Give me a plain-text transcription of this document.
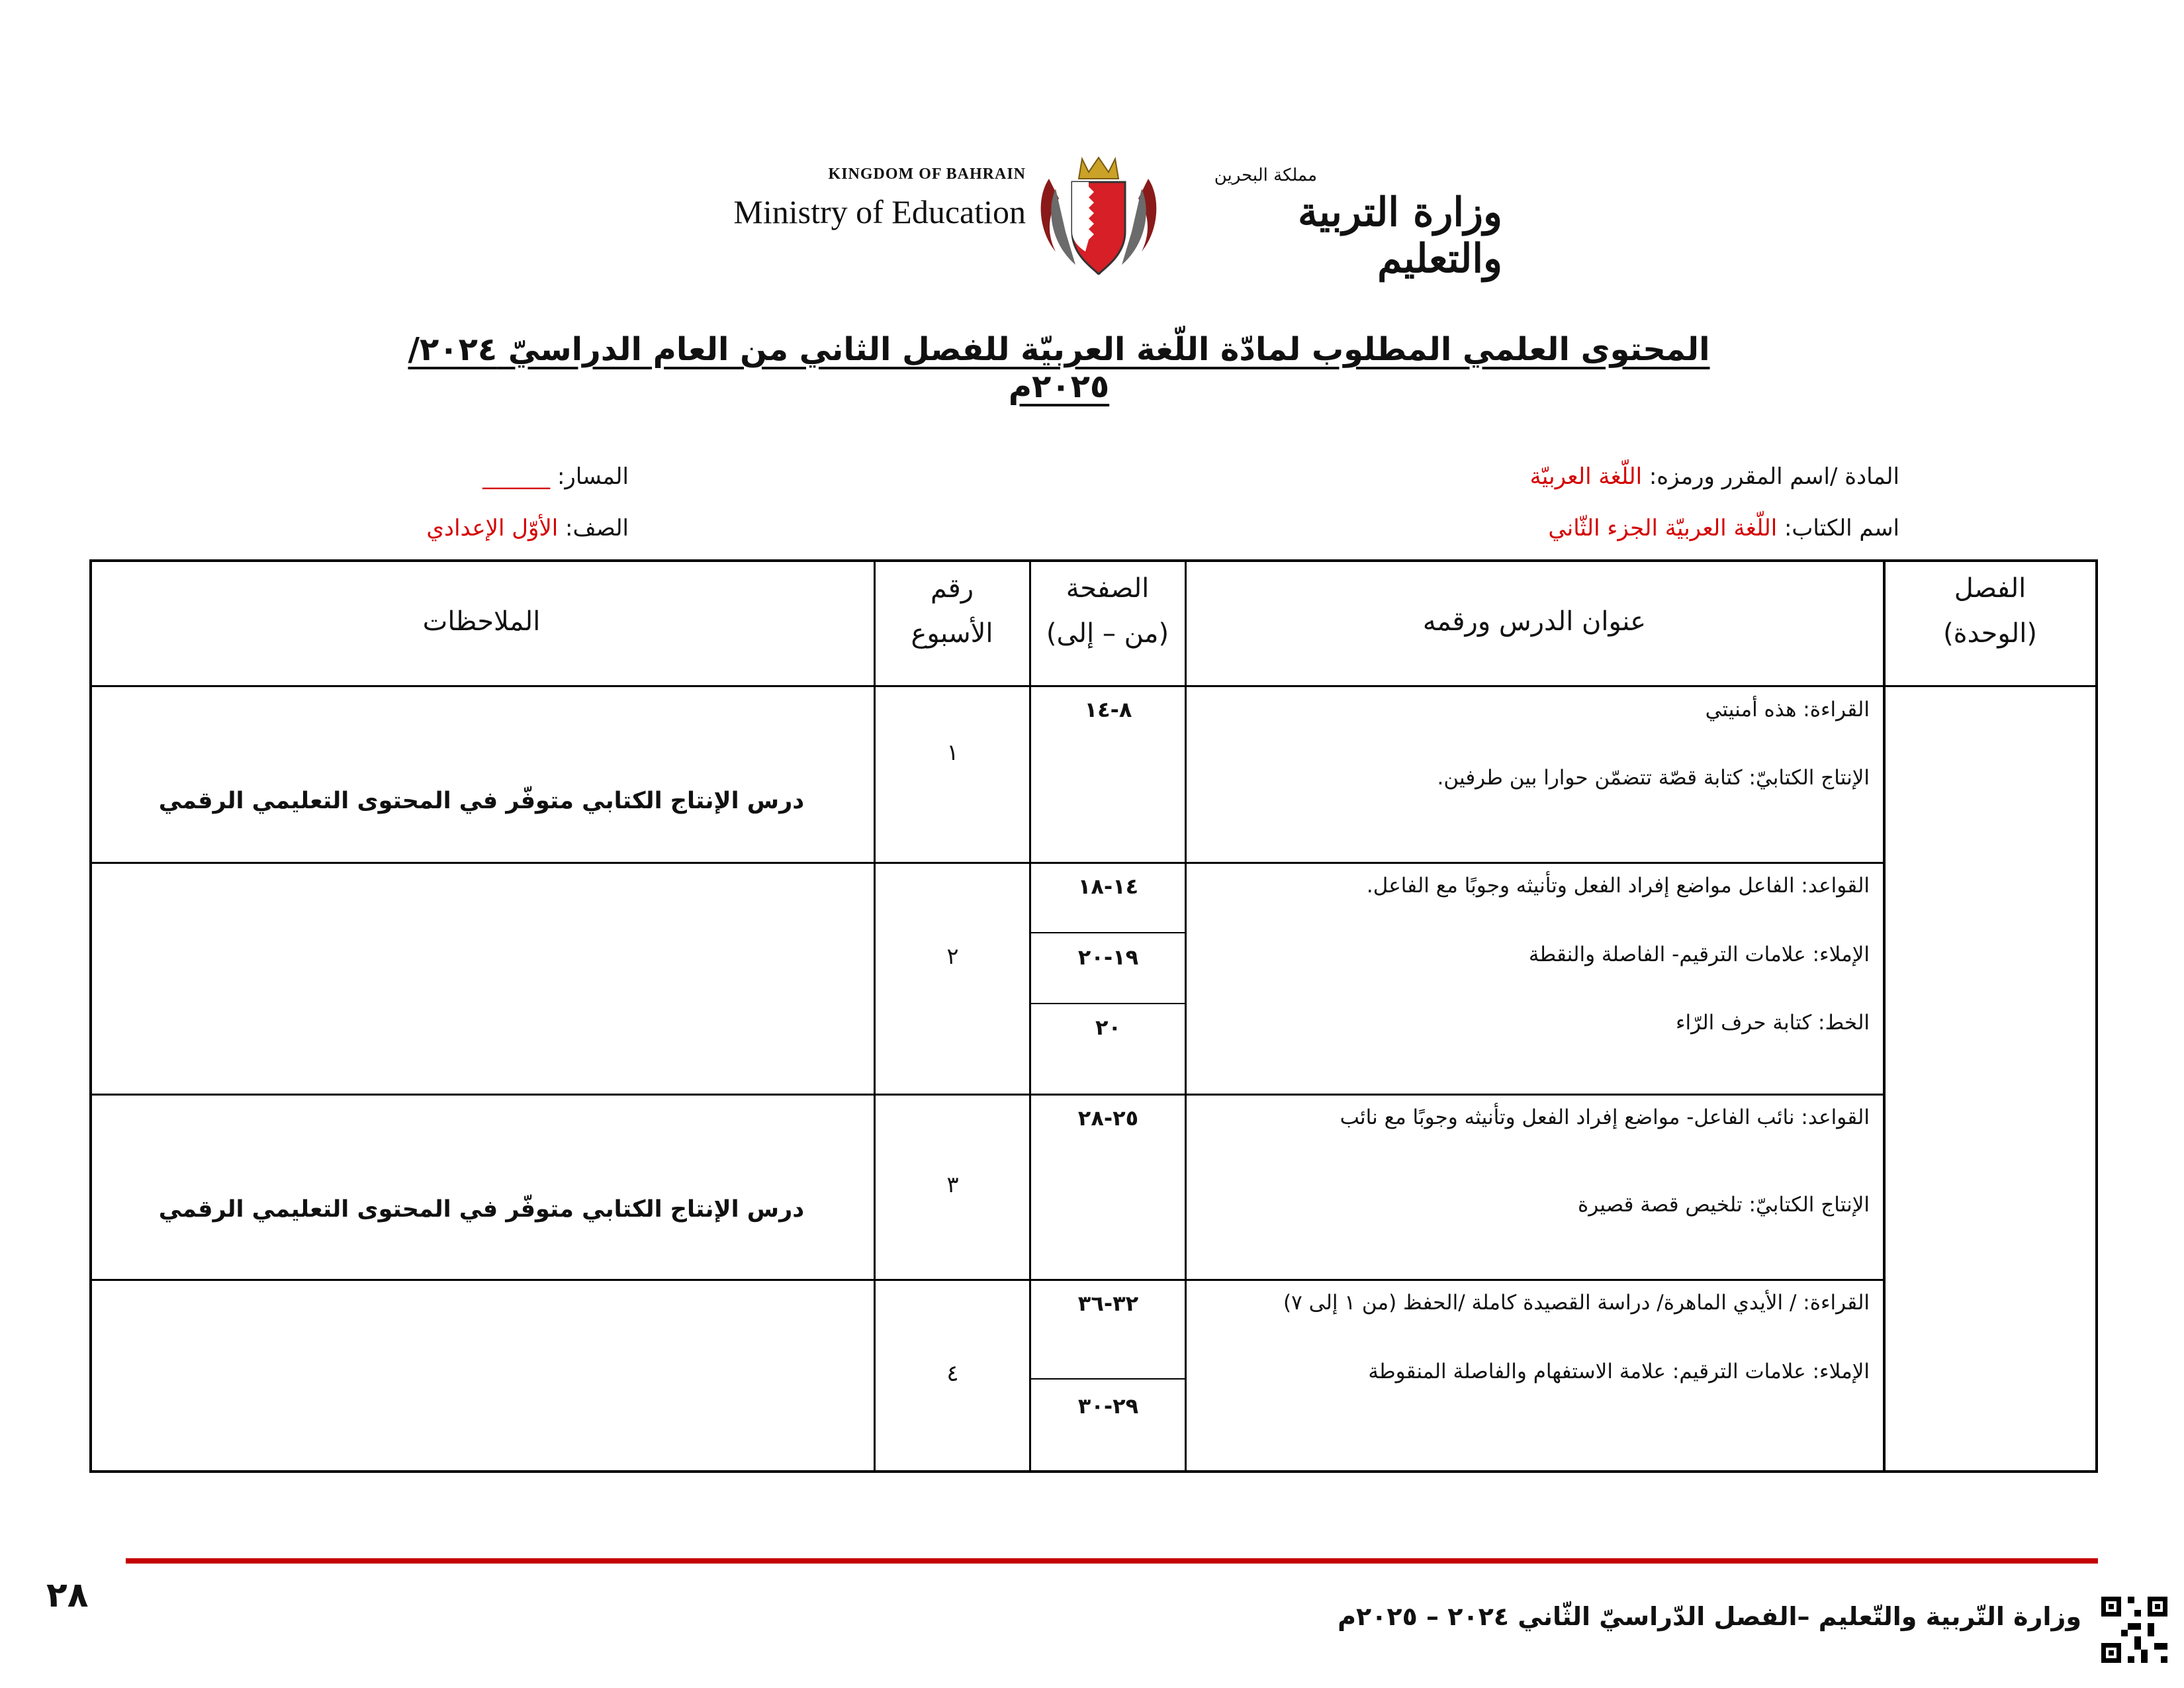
KINGDOM OF BAHRAIN
Ministry of Education
مملكة البحرين
وزارة التربية والتعليم
المحتوى العلمي المطلوب لمادّة اللّغة العربيّة للفصل الثاني من العام الدراسيّ ٢٠٢٤/ ٢٠٢٥م
المادة /اسم المقرر ورمزه: اللّغة العربيّة
اسم الكتاب: اللّغة العربيّة الجزء الثّاني
المسار: ______
الصف: الأوّل الإعدادي
الفصل
(الوحدة)
عنوان الدرس ورقمه
الصفحة
(من – إلى)
رقم
الأسبوع
الملاحظات
القراءة: هذه أمنيتي
الإنتاج الكتابيّ: كتابة قصّة تتضمّن حوارا بين طرفين.
٨-١٤
١
درس الإنتاج الكتابي متوفّر في المحتوى التعليمي الرقمي
القواعد: الفاعل مواضع إفراد الفعل وتأنيثه وجوبًا مع الفاعل.
الإملاء: علامات الترقيم- الفاصلة والنقطة
الخط: كتابة حرف الرّاء
١٤-١٨
١٩-٢٠
٢٠
٢
القواعد: نائب الفاعل- مواضع إفراد الفعل وتأنيثه وجوبًا مع نائب
الإنتاج الكتابيّ: تلخيص قصة قصيرة
٢٥-٢٨
٣
درس الإنتاج الكتابي متوفّر في المحتوى التعليمي الرقمي
القراءة: / الأيدي الماهرة/ دراسة القصيدة كاملة /الحفظ (من ١ إلى ٧)
الإملاء: علامات الترقيم: علامة الاستفهام والفاصلة المنقوطة
٣٢-٣٦
٢٩-٣٠
٤
٢٨
وزارة التّربية والتّعليم –الفصل الدّراسيّ الثّاني ٢٠٢٤ – ٢٠٢٥م
